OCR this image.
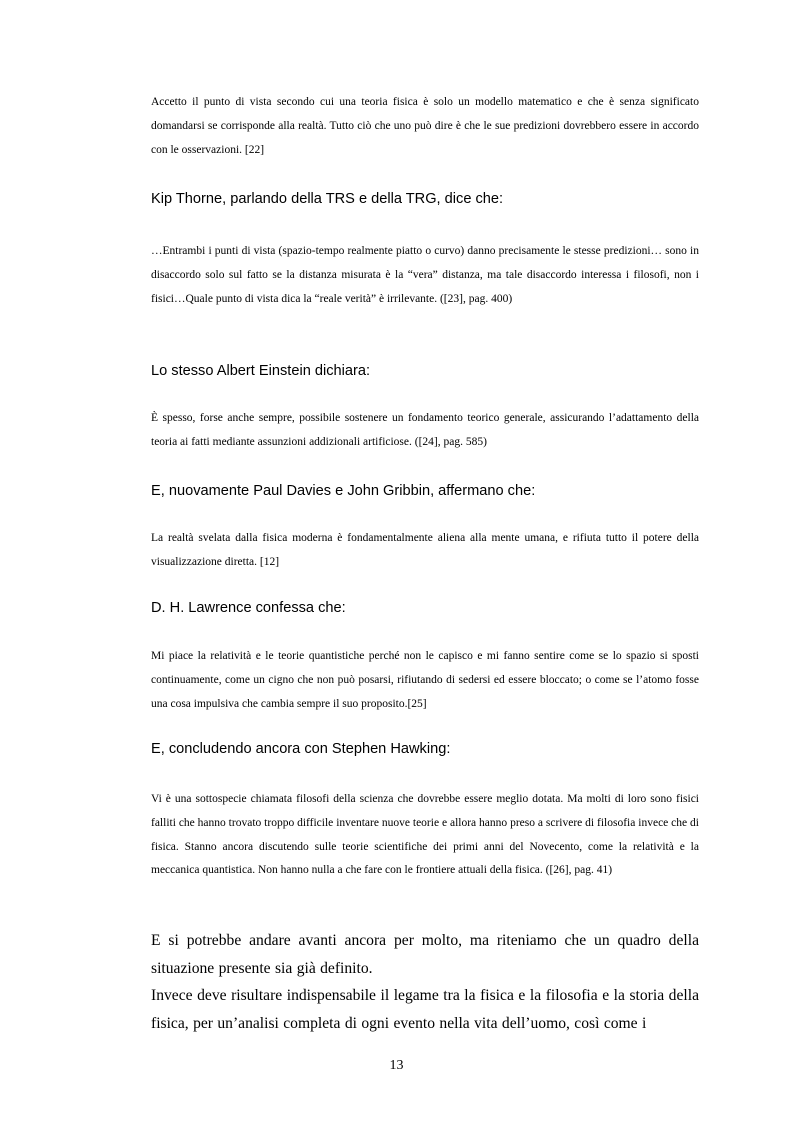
Accetto il punto di vista secondo cui una teoria fisica è solo un modello matematico e che è senza significato domandarsi se corrisponde alla realtà. Tutto ciò che uno può dire è che le sue predizioni dovrebbero essere in accordo con le osservazioni. [22]

Kip Thorne, parlando della TRS e della TRG, dice che:

…Entrambi i punti di vista (spazio-tempo realmente piatto o curvo) danno precisamente le stesse predizioni… sono in disaccordo solo sul fatto se la distanza misurata è la “vera” distanza, ma tale disaccordo interessa i filosofi, non i fisici…Quale punto di vista dica la “reale verità” è irrilevante. ([23], pag. 400)

Lo stesso Albert Einstein dichiara:

È spesso, forse anche sempre, possibile sostenere un fondamento teorico generale, assicurando l’adattamento della teoria ai fatti mediante assunzioni addizionali artificiose. ([24], pag. 585)

E, nuovamente Paul Davies e John Gribbin, affermano che:

La realtà svelata dalla fisica moderna è fondamentalmente aliena alla mente umana, e rifiuta tutto il potere della visualizzazione diretta. [12]

D. H. Lawrence confessa che:

Mi piace la relatività e le teorie quantistiche perché non le capisco e mi fanno sentire come se lo spazio si sposti continuamente, come un cigno che non può posarsi, rifiutando di sedersi ed essere bloccato; o come se l’atomo fosse una cosa impulsiva che cambia sempre il suo proposito.[25]

E, concludendo ancora con Stephen Hawking:

Vi è una sottospecie chiamata filosofi della scienza che dovrebbe essere meglio dotata. Ma molti di loro sono fisici falliti che hanno trovato troppo difficile inventare nuove teorie e allora hanno preso a scrivere di filosofia invece che di fisica. Stanno ancora discutendo sulle teorie scientifiche dei primi anni del Novecento, come la relatività e la meccanica quantistica. Non hanno nulla a che fare con le frontiere attuali della fisica. ([26], pag. 41)

E si potrebbe andare avanti ancora per molto, ma riteniamo che un quadro della situazione presente sia già definito.

Invece deve risultare indispensabile il legame tra la fisica e la filosofia e la storia della fisica, per un’analisi completa di ogni evento nella vita dell’uomo, così come i

13
